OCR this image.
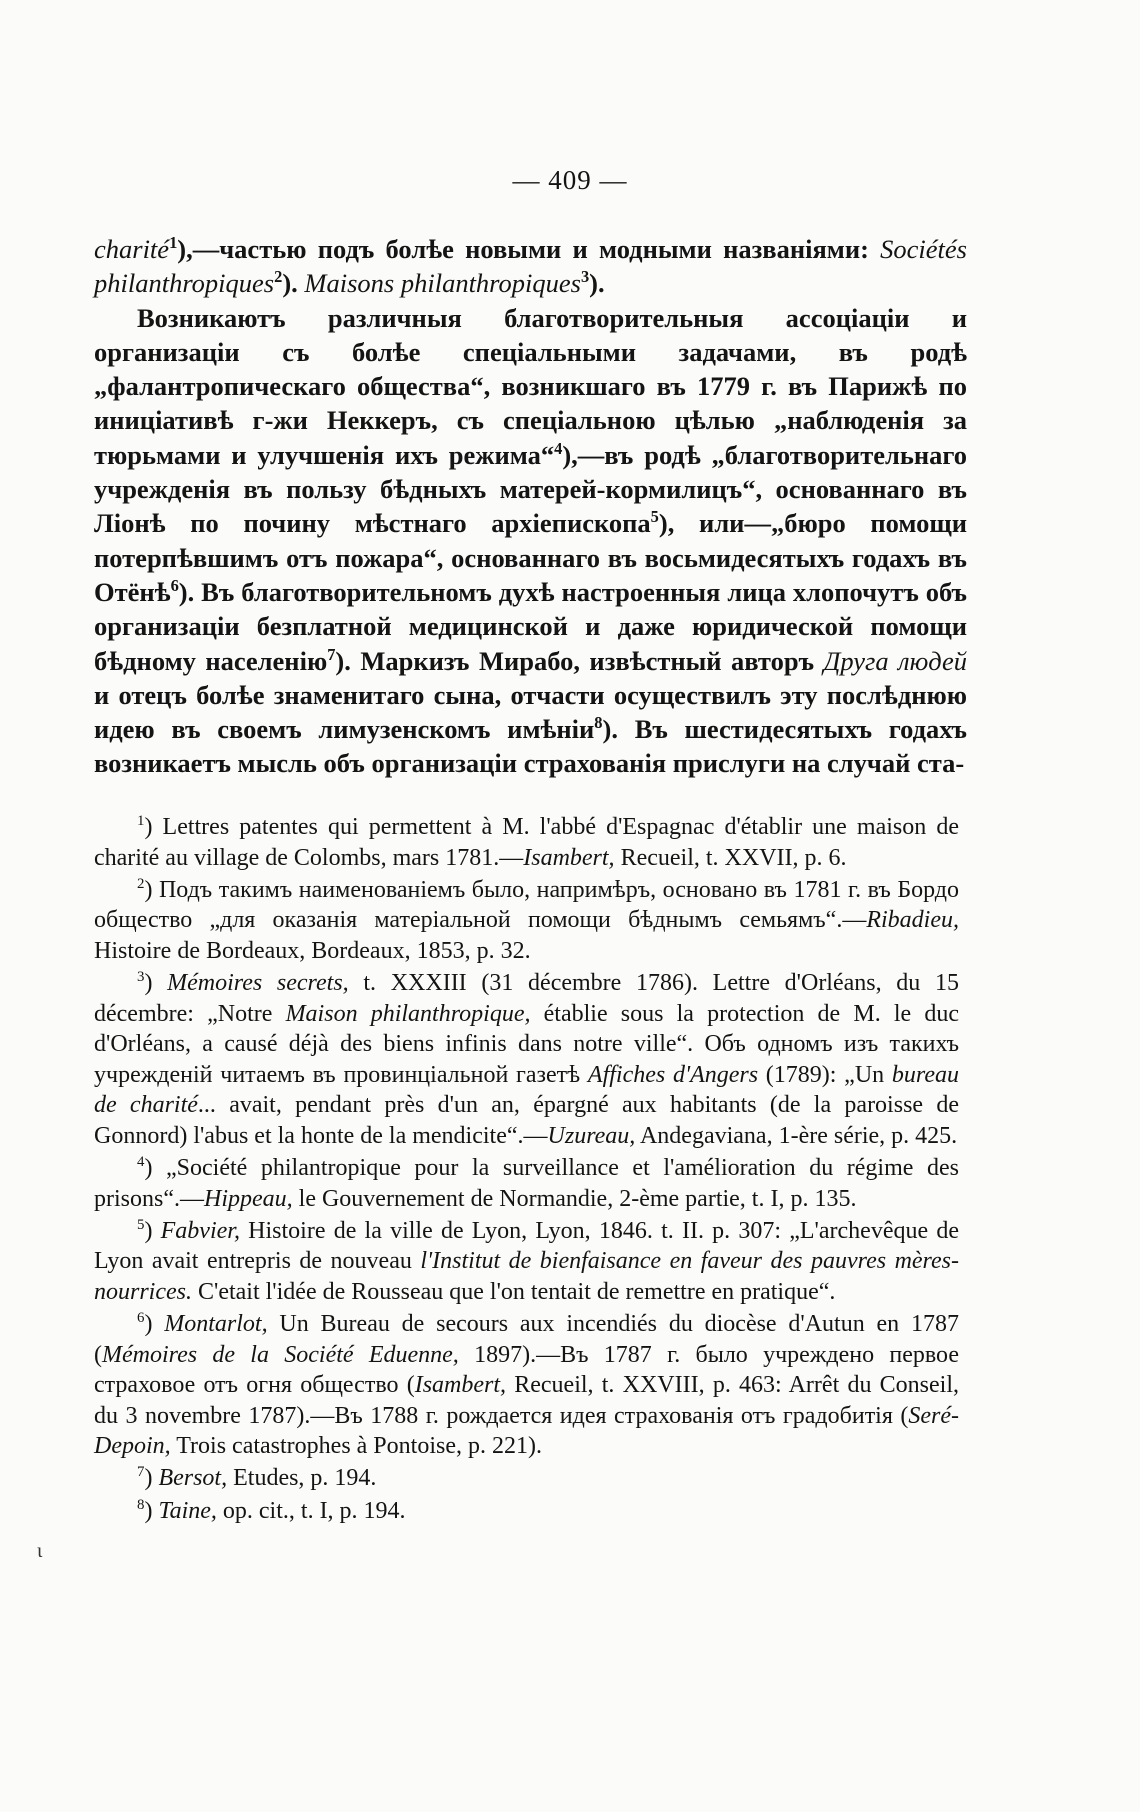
— 409 —

charité$^1$),—частью подъ болѣе новыми и модными названіями: Sociétés philanthropiques$^2$). Maisons philanthropiques$^3$).

Возникаютъ различныя благотворительныя ассоціаціи и организаціи съ болѣе спеціальными задачами, въ родѣ „фалантропическаго общества“, возникшаго въ 1779 г. въ Парижѣ по иниціативѣ г-жи Неккеръ, съ спеціальною цѣлью „наблюденія за тюрьмами и улучшенія ихъ режима“$^4$),—въ родѣ „благотворительнаго учрежденія въ пользу бѣдныхъ матерей-кормилицъ“, основаннаго въ Ліонѣ по почину мѣстнаго архіепископа$^5$), или—„бюро помощи потерпѣвшимъ отъ пожара“, основаннаго въ восьмидесятыхъ годахъ въ Отёнѣ$^6$). Въ благотворительномъ духѣ настроенныя лица хлопочутъ объ организаціи безплатной медицинской и даже юридической помощи бѣдному населенію$^7$). Маркизъ Мирабо, извѣстный авторъ Друга людей и отецъ болѣе знаменитаго сына, отчасти осуществилъ эту послѣднюю идею въ своемъ лимузенскомъ имѣніи$^8$). Въ шестидесятыхъ годахъ возникаетъ мысль объ организаціи страхованія прислуги на случай ста-

$^1$) Lettres patentes qui permettent à M. l'abbé d'Espagnac d'établir une maison de charité au village de Colombs, mars 1781.—Isambert, Recueil, t. XXVII, p. 6.

$^2$) Подъ такимъ наименованіемъ было, напримѣръ, основано въ 1781 г. въ Бордо общество „для оказанія матеріальной помощи бѣднымъ семьямъ“.—Ribadieu, Histoire de Bordeaux, Bordeaux, 1853, p. 32.

$^3$) Mémoires secrets, t. XXXIII (31 décembre 1786). Lettre d'Orléans, du 15 décembre: „Notre Maison philanthropique, établie sous la protection de M. le duc d'Orléans, a causé déjà des biens infinis dans notre ville“. Объ одномъ изъ такихъ учрежденій читаемъ въ провинціальной газетѣ Affiches d'Angers (1789): „Un bureau de charité... avait, pendant près d'un an, épargné aux habitants (de la paroisse de Gonnord) l'abus et la honte de la mendicite“.—Uzureau, Andegaviana, 1-ère série, p. 425.

$^4$) „Société philantropique pour la surveillance et l'amélioration du régime des prisons“.—Hippeau, le Gouvernement de Normandie, 2-ème partie, t. I, p. 135.

$^5$) Fabvier, Histoire de la ville de Lyon, Lyon, 1846. t. II. p. 307: „L'archevêque de Lyon avait entrepris de nouveau l'Institut de bienfaisance en faveur des pauvres mères-nourrices. C'etait l'idée de Rousseau que l'on tentait de remettre en pratique“.

$^6$) Montarlot, Un Bureau de secours aux incendiés du diocèse d'Autun en 1787 (Mémoires de la Société Eduenne, 1897).—Въ 1787 г. было учреждено первое страховое отъ огня общество (Isambert, Recueil, t. XXVIII, p. 463: Arrêt du Conseil, du 3 novembre 1787).—Въ 1788 г. рождается идея страхованія отъ градобитія (Seré-Depoin, Trois catastrophes à Pontoise, p. 221).

$^7$) Bersot, Etudes, p. 194.

$^8$) Taine, op. cit., t. I, p. 194.

ι
